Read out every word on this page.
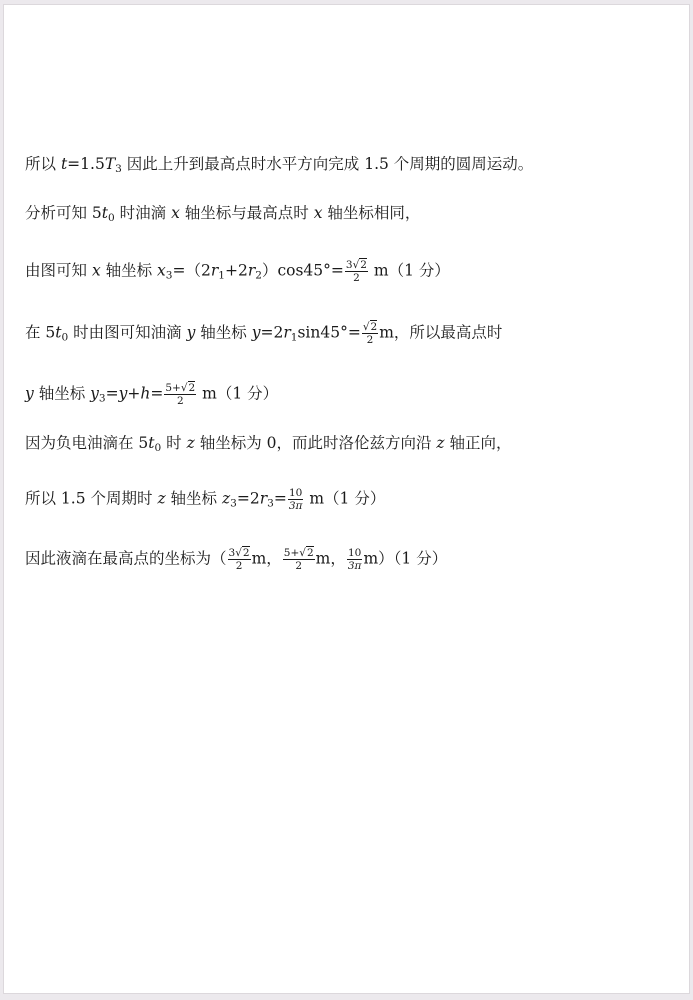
所以 $t=1.5T_3$ 因此上升到最高点时水平方向完成 1.5 个周期的圆周运动。
分析可知 $5t_0$ 时油滴 x 轴坐标与最高点时 x 轴坐标相同，
由图可知 x 轴坐标 $x_3=(2r_1+2r_2)\cos 45^\circ= \frac{3√2}{2} m(1$ 分）
在 $5t_0$ 时由图可知油滴 y 轴坐标 $y=2r_1\sin 45^\circ= \frac{√2}{2}$ m，所以最高点时
y 轴坐标 $y_3=y+h= \frac{5+√2}{2} m(1$ 分）
因为负电油滴在 $5t_0$ 时 z 轴坐标为 0，而此时洛伦兹方向沿 z 轴正向，
所以 1.5 个周期时 z 轴坐标 $z_3=2r_3= \frac{10}{3\pi} m(1$ 分）
因此液滴在最高点的坐标为（ $\frac{3√2}{2}$ m， $\frac{5+√2}{2}$ m， $\frac{10}{3\pi} m)(1$ 分）
